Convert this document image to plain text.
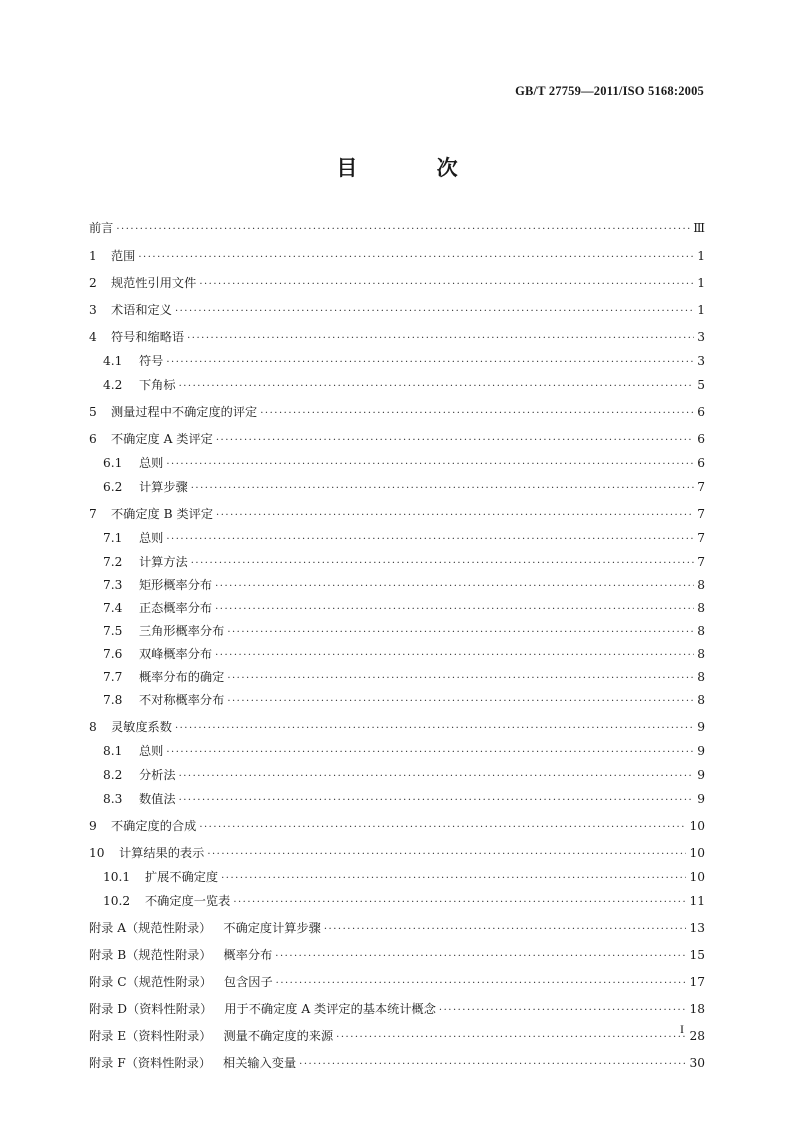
GB/T 27759—2011/ISO 5168:2005
目 次
前言 ·····	Ⅲ
1	范围 ·····	1
2	规范性引用文件 ·····	1
3	术语和定义 ·····	1
4	符号和缩略语 ·····	3
4.1	符号 ·····	3
4.2	下角标 ·····	5
5	测量过程中不确定度的评定 ·····	6
6	不确定度 A 类评定 ·····	6
6.1	总则 ·····	6
6.2	计算步骤 ·····	7
7	不确定度 B 类评定 ·····	7
7.1	总则 ·····	7
7.2	计算方法 ·····	7
7.3	矩形概率分布 ·····	8
7.4	正态概率分布 ·····	8
7.5	三角形概率分布 ·····	8
7.6	双峰概率分布 ·····	8
7.7	概率分布的确定 ·····	8
7.8	不对称概率分布 ·····	8
8	灵敏度系数 ·····	9
8.1	总则 ·····	9
8.2	分析法 ·····	9
8.3	数值法 ·····	9
9	不确定度的合成 ·····	10
10	计算结果的表示 ·····	10
10.1	扩展不确定度 ·····	10
10.2	不确定度一览表 ·····	11
附录 A（规范性附录） 不确定度计算步骤 ·····	13
附录 B（规范性附录） 概率分布 ·····	15
附录 C（规范性附录） 包含因子 ·····	17
附录 D（资料性附录） 用于不确定度 A 类评定的基本统计概念 ·····	18
附录 E（资料性附录） 测量不确定度的来源 ·····	28
附录 F（资料性附录） 相关输入变量 ·····	30
I
